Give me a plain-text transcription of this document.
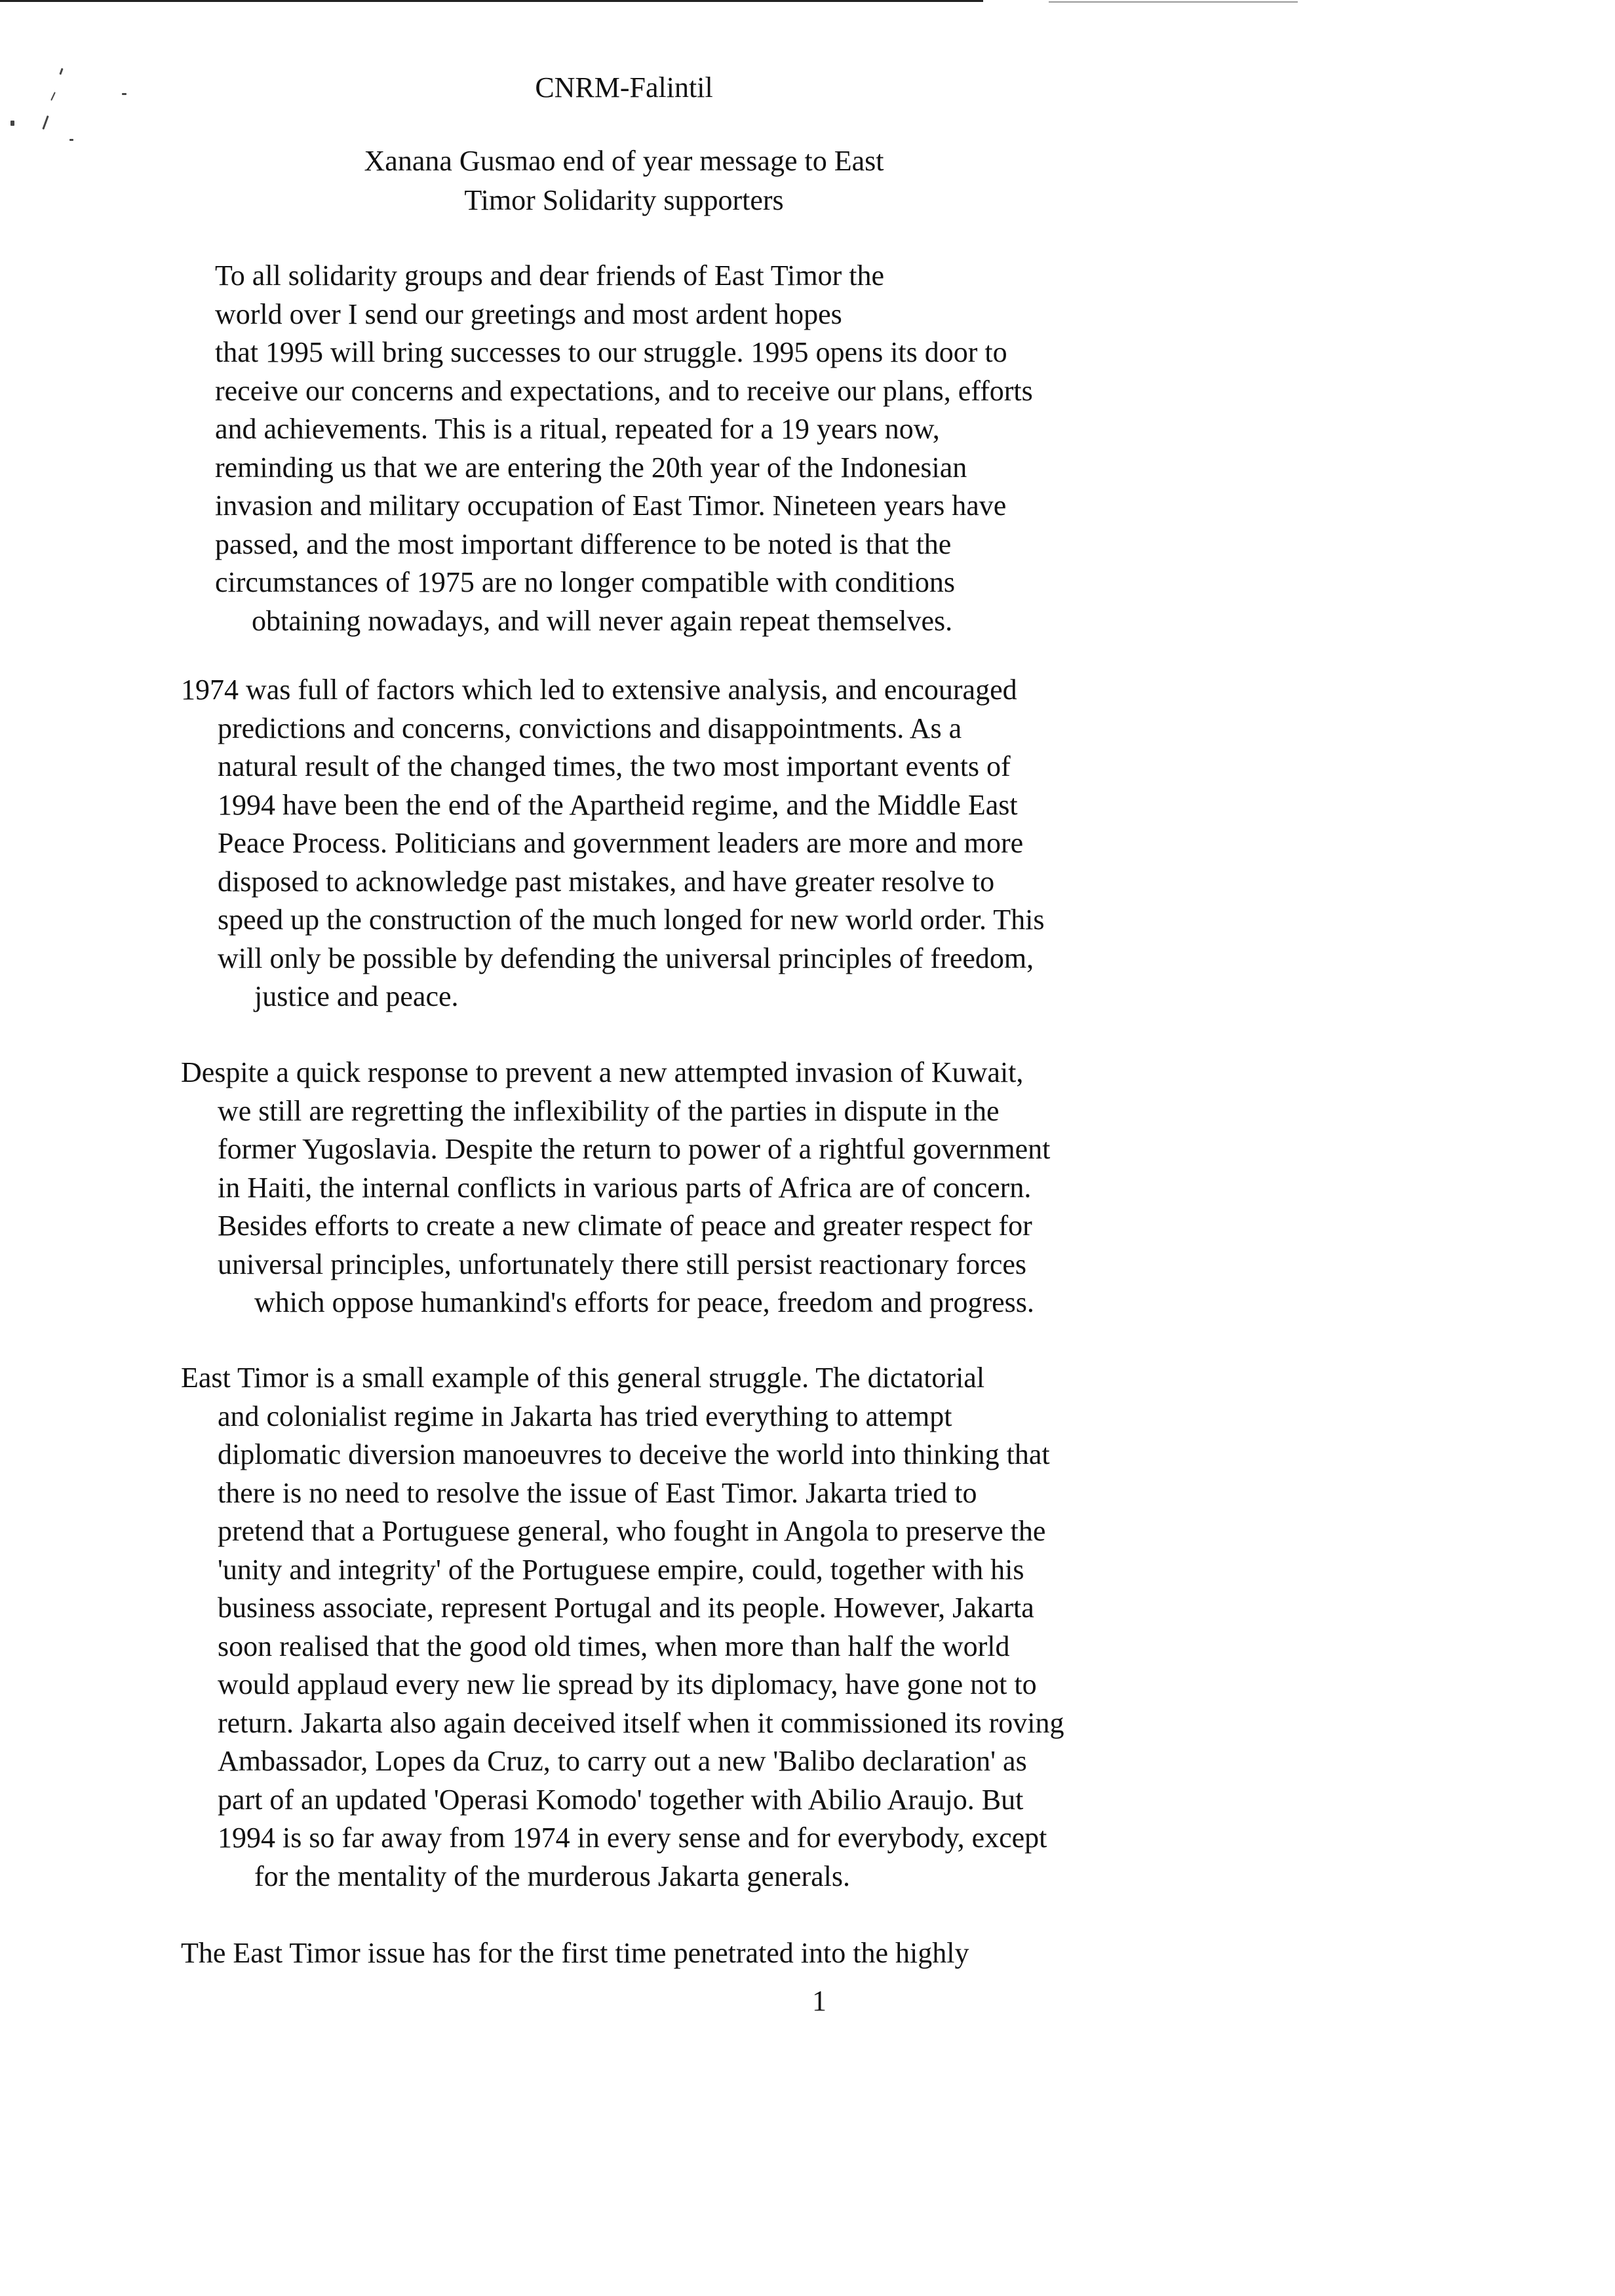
CNRM-Falintil
Xanana Gusmao end of year message to East
Timor Solidarity supporters
To all solidarity groups and dear friends of East Timor the
world over I send our greetings and most ardent hopes
that 1995 will bring successes to our struggle. 1995 opens its door to
receive our concerns and expectations, and to receive our plans, efforts
and achievements. This is a ritual, repeated for a 19 years now,
reminding us that we are entering the 20th year of the Indonesian
invasion and military occupation of East Timor. Nineteen years have
passed, and the most important difference to be noted is that the
circumstances of 1975 are no longer compatible with conditions
obtaining nowadays, and will never again repeat themselves.
1974 was full of factors which led to extensive analysis, and encouraged
predictions and concerns, convictions and disappointments. As a
natural result of the changed times, the two most important events of
1994 have been the end of the Apartheid regime, and the Middle East
Peace Process. Politicians and government leaders are more and more
disposed to acknowledge past mistakes, and have greater resolve to
speed up the construction of the much longed for new world order. This
will only be possible by defending the universal principles of freedom,
justice and peace.
Despite a quick response to prevent a new attempted invasion of Kuwait,
we still are regretting the inflexibility of the parties in dispute in the
former Yugoslavia. Despite the return to power of a rightful government
in Haiti, the internal conflicts in various parts of Africa are of concern.
Besides efforts to create a new climate of peace and greater respect for
universal principles, unfortunately there still persist reactionary forces
which oppose humankind's efforts for peace, freedom and progress.
East Timor is a small example of this general struggle. The dictatorial
and colonialist regime in Jakarta has tried everything to attempt
diplomatic diversion manoeuvres to deceive the world into thinking that
there is no need to resolve the issue of East Timor. Jakarta tried to
pretend that a Portuguese general, who fought in Angola to preserve the
'unity and integrity' of the Portuguese empire, could, together with his
business associate, represent Portugal and its people. However, Jakarta
soon realised that the good old times, when more than half the world
would applaud every new lie spread by its diplomacy, have gone not to
return. Jakarta also again deceived itself when it commissioned its roving
Ambassador, Lopes da Cruz, to carry out a new 'Balibo declaration' as
part of an updated 'Operasi Komodo' together with Abilio Araujo. But
1994 is so far away from 1974 in every sense and for everybody, except
for the mentality of the murderous Jakarta generals.
The East Timor issue has for the first time penetrated into the highly
1
